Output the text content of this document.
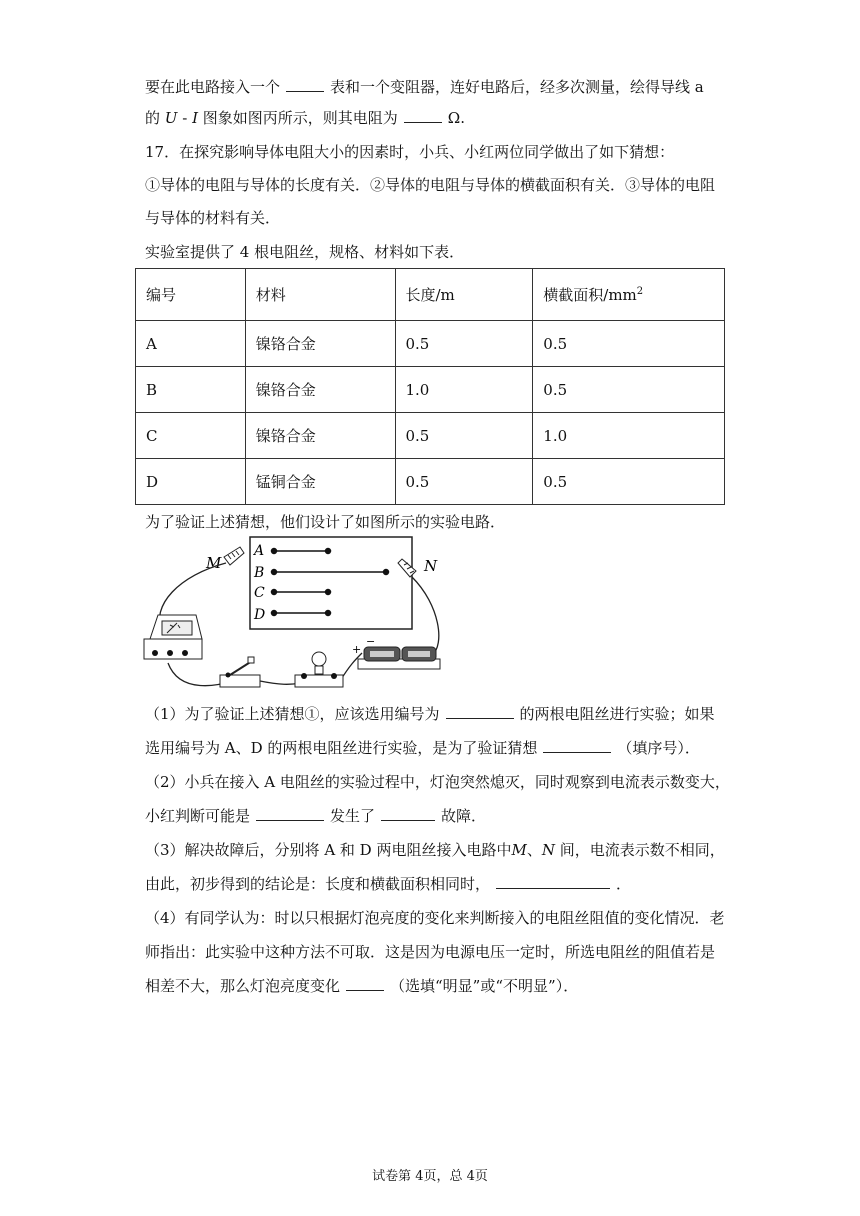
要在此电路接入一个	表和一个变阻器，连好电路后，经多次测量，绘得导线 a
的 U - I 图象如图丙所示，则其电阻为	Ω.
17．在探究影响导体电阻大小的因素时，小兵、小红两位同学做出了如下猜想：
①导体的电阻与导体的长度有关．②导体的电阻与导体的横截面积有关．③导体的电阻
与导体的材料有关．
实验室提供了 4 根电阻丝，规格、材料如下表．
编号	材料	长度/m	横截面积$/mm^2$
A	镍铬合金	0.5	0.5
B	镍铬合金	1.0	0.5
C	镍铬合金	0.5	1.0
D	锰铜合金	0.5	0.5
为了验证上述猜想，他们设计了如图所示的实验电路．
A
B
C
D
M	N
+
−
（1）为了验证上述猜想①，应该选用编号为	的两根电阻丝进行实验；如果
选用编号为 A、D 的两根电阻丝进行实验，是为了验证猜想	（填序号）．
（2）小兵在接入 A 电阻丝的实验过程中，灯泡突然熄灭，同时观察到电流表示数变大，
小红判断可能是	发生了	故障．
（3）解决故障后，分别将 A 和 D 两电阻丝接入电路中M、N 间，电流表示数不相同，
由此，初步得到的结论是：长度和横截面积相同时，	．
（4）有同学认为：时以只根据灯泡亮度的变化来判断接入的电阻丝阻值的变化情况．老
师指出：此实验中这种方法不可取．这是因为电源电压一定时，所选电阻丝的阻值若是
相差不大，那么灯泡亮度变化	（选填“明显”或“不明显”）．
试卷第 4页，总 4页
